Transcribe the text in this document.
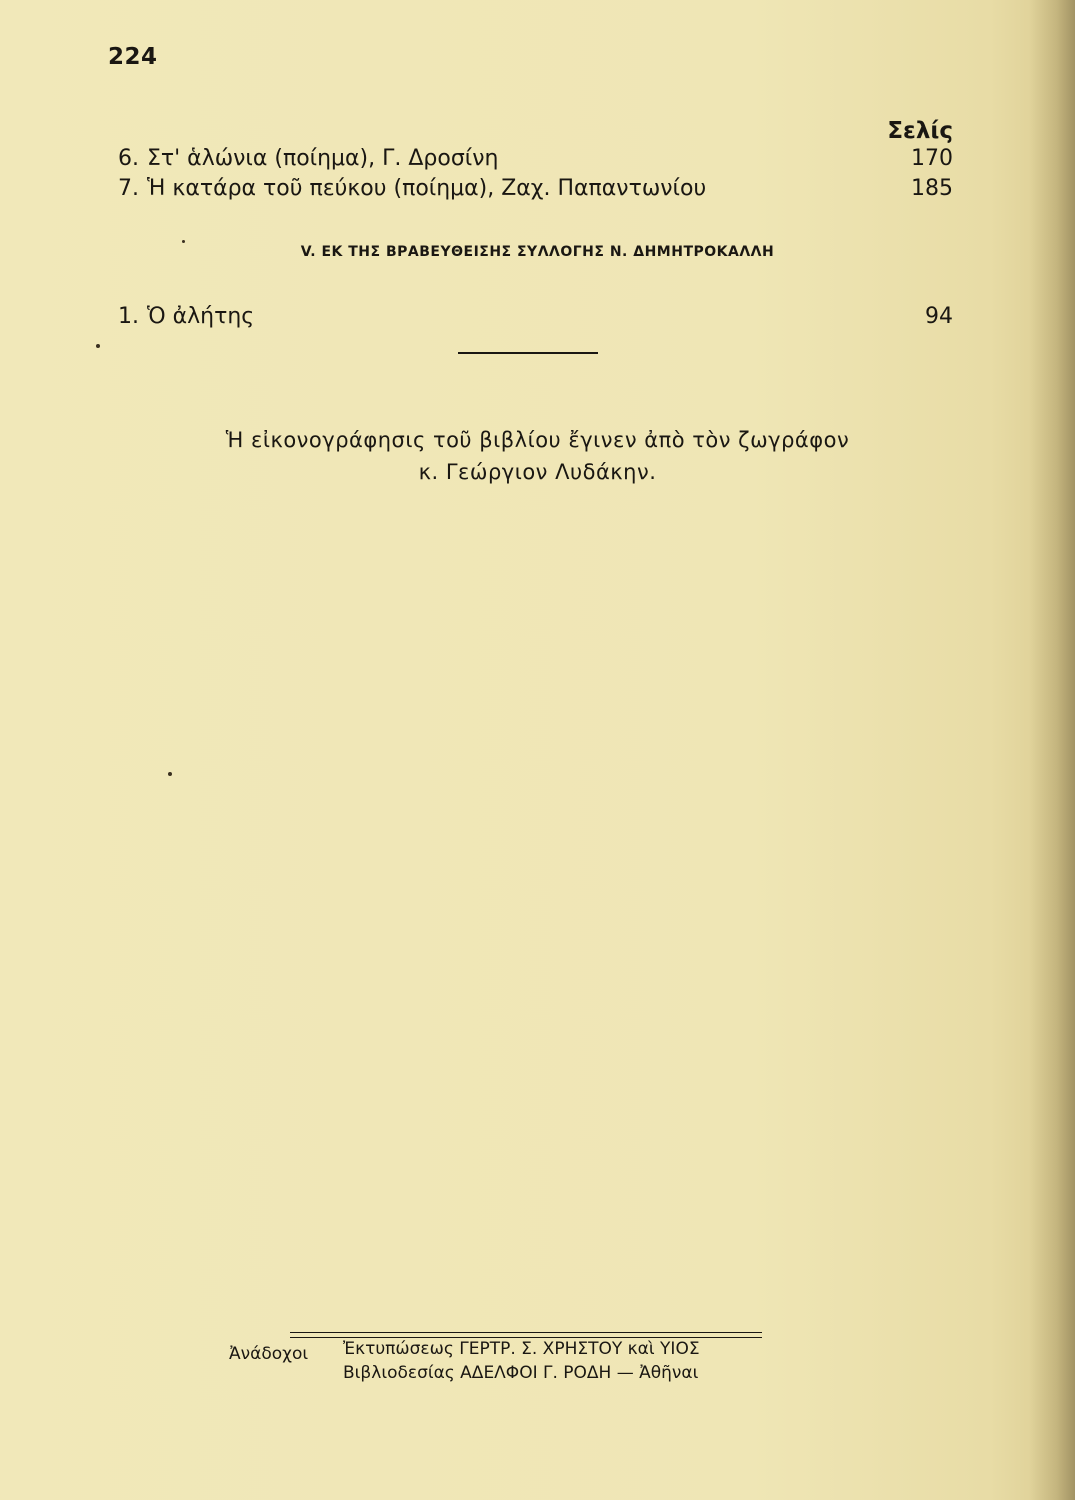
224
Σελίς
6. Στ' ἁλώνια (ποίημα), Γ. Δροσίνη	170
7. Ἡ κατάρα τοῦ πεύκου (ποίημα), Ζαχ. Παπαντωνίου	185
V. ΕΚ ΤΗΣ ΒΡΑΒΕΥΘΕΙΣΗΣ ΣΥΛΛΟΓΗΣ Ν. ΔΗΜΗΤΡΟΚΑΛΛΗ
1. Ὁ ἀλήτης	94
Ἡ εἰκονογράφησις τοῦ βιβλίου ἔγινεν ἀπὸ τὸν ζωγράφον
κ. Γεώργιον Λυδάκην.
Ἀνάδοχοι Ἐκτυπώσεως ΓΕΡΤΡ. Σ. ΧΡΗΣΤΟΥ καὶ ΥΙΟΣ
Βιβλιοδεσίας ΑΔΕΛΦΟΙ Γ. ΡΟΔΗ — Ἀθῆναι
